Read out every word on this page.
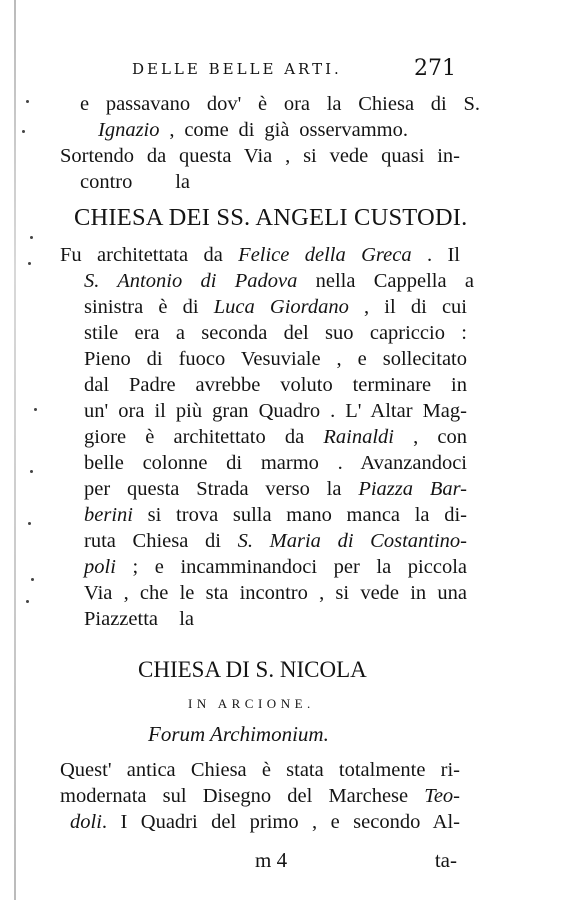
DELLE BELLE ARTI.	271
e passavano dov' è ora la Chiesa di S.
Ignazio , come di già osservammo.
Sortendo da questa Via , si vede quasi in-
contro la
Fu architettata da Felice della Greca . Il
S. Antonio di Padova nella Cappella a
sinistra è di Luca Giordano , il di cui
stile era a seconda del suo capriccio :
Pieno di fuoco Vesuviale , e sollecitato
dal Padre avrebbe voluto terminare in
un' ora il più gran Quadro . L' Altar Mag-
giore è architettato da Rainaldi , con
belle colonne di marmo . Avanzandoci
per questa Strada verso la Piazza Bar-
berini si trova sulla mano manca la di-
ruta Chiesa di S. Maria di Costantino-
poli ; e incamminandoci per la piccola
Via , che le sta incontro , si vede in una
Piazzetta la
Quest' antica Chiesa è stata totalmente ri-
modernata sul Disegno del Marchese Teo-
doli. I Quadri del primo , e secondo Al-
CHIESA DEI SS. ANGELI CUSTODI.
CHIESA DI S. NICOLA
IN ARCIONE.
Forum Archimonium.
m 4	ta-
